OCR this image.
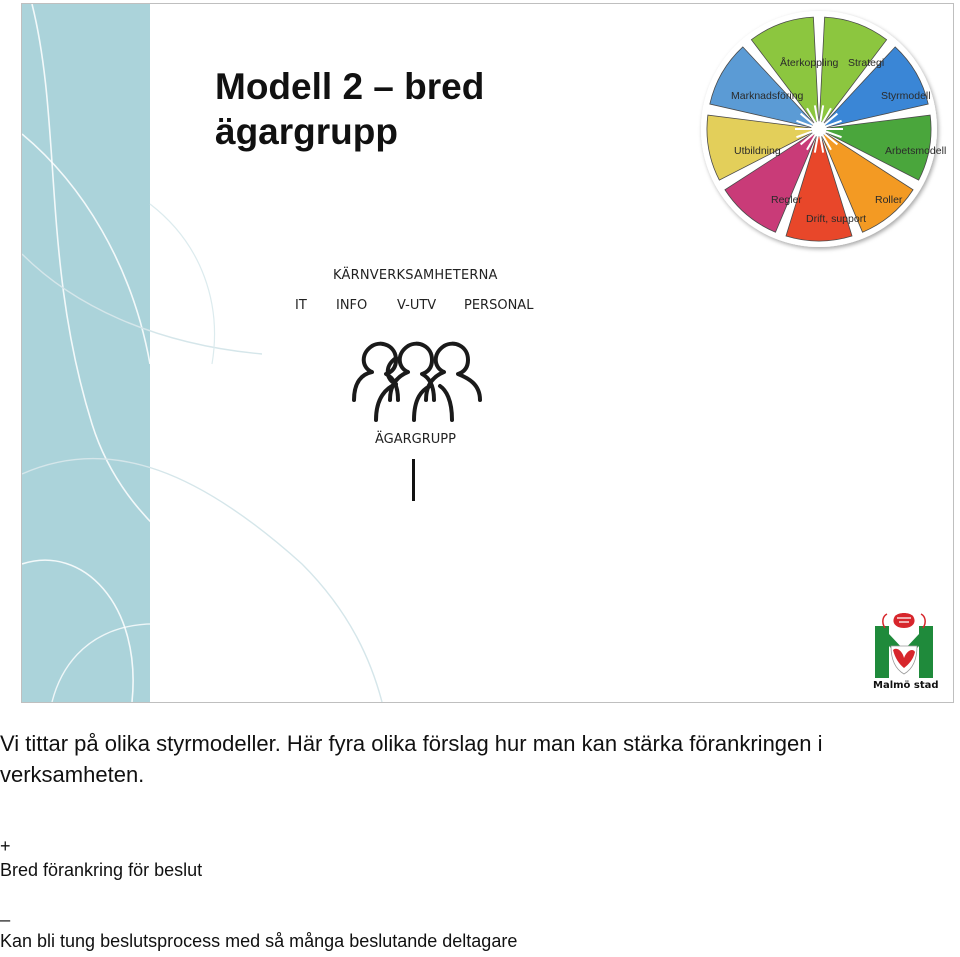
Modell 2 – bred
ägargrupp
Återkoppling Strategi
Styrmodell
Arbetsmodell
Roller
Drift, support
Regler
Utbildning
Marknadsföring
KÄRNVERKSAMHETERNA
IT INFO V-UTV PERSONAL
ÄGARGRUPP
Malmö stad

Vi tittar på olika styrmodeller. Här fyra olika förslag hur man kan stärka förankringen i verksamheten.

+
Bred förankring för beslut
_
Kan bli tung beslutsprocess med så många beslutande deltagare
